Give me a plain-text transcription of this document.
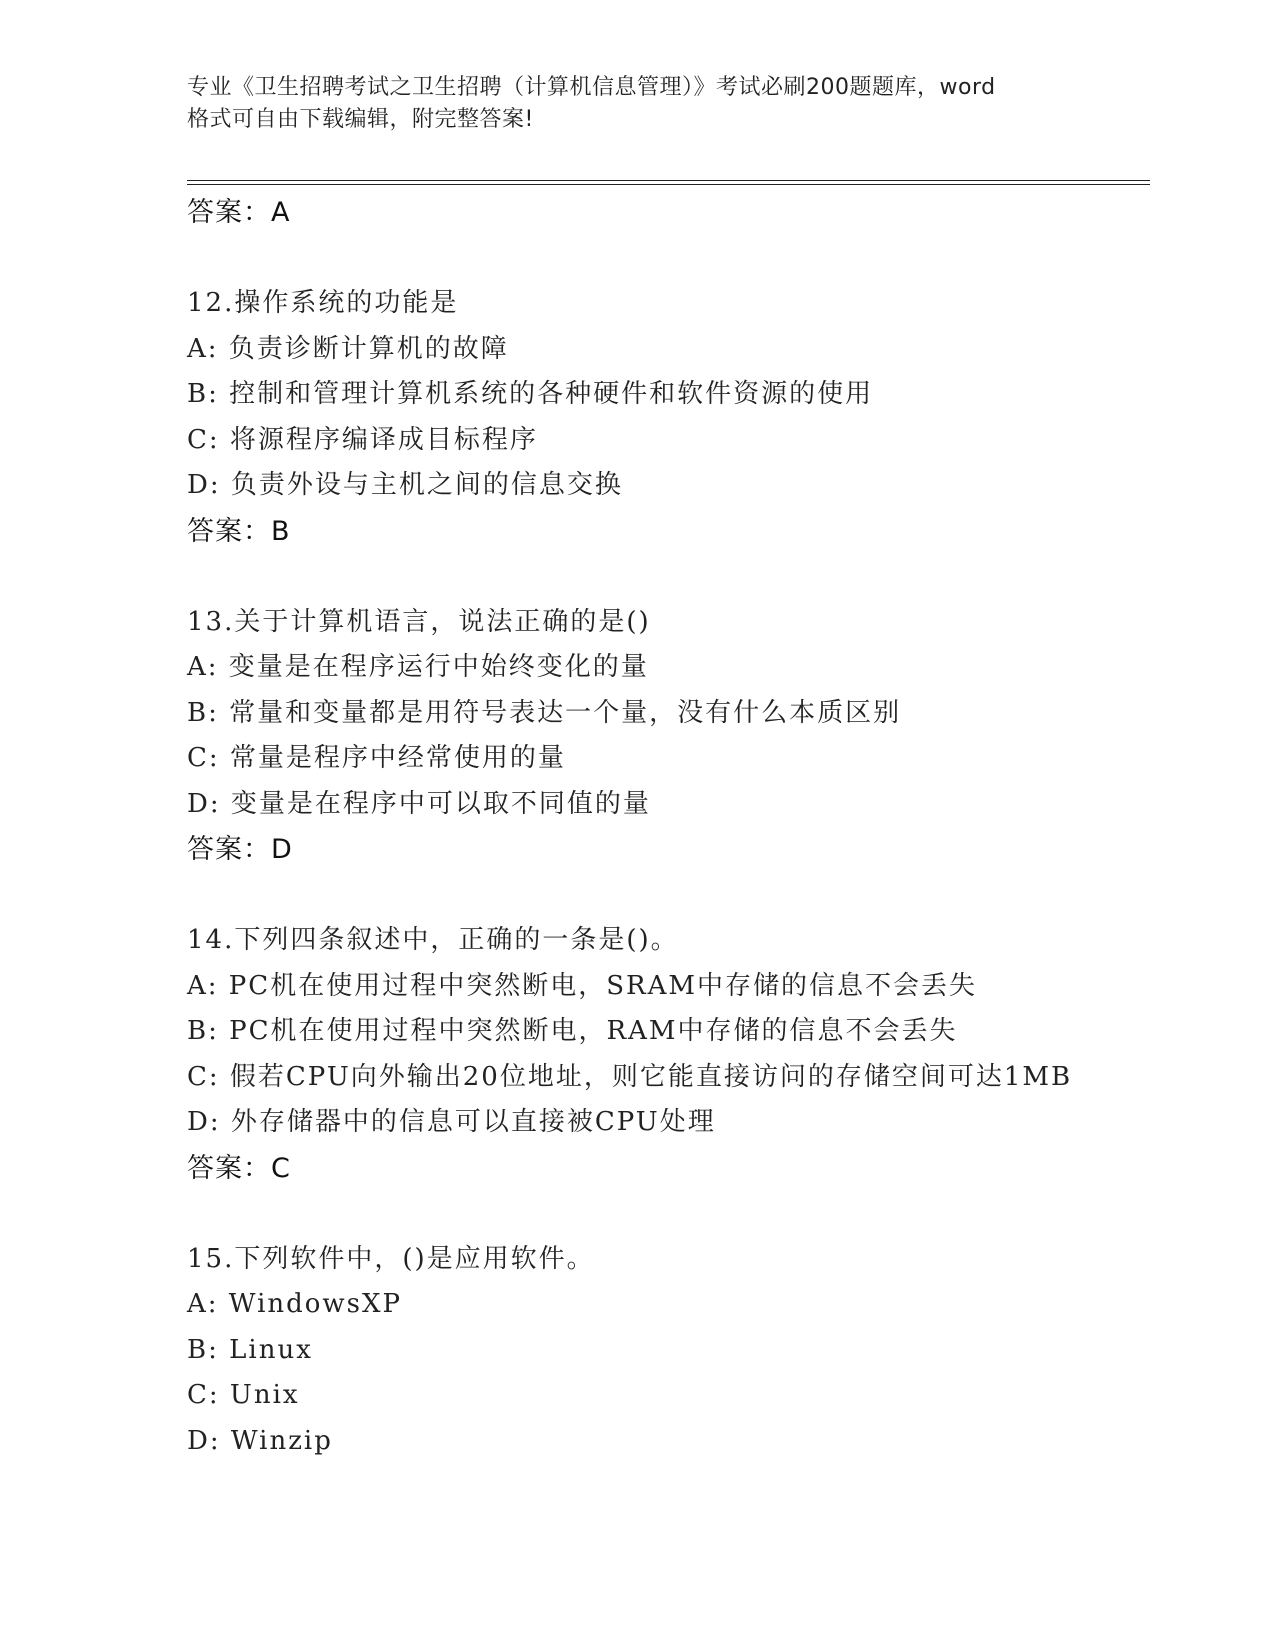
专业《卫生招聘考试之卫生招聘（计算机信息管理）》考试必刷200题题库，word
格式可自由下载编辑，附完整答案!
答案：A
12.操作系统的功能是
A: 负责诊断计算机的故障
B: 控制和管理计算机系统的各种硬件和软件资源的使用
C: 将源程序编译成目标程序
D: 负责外设与主机之间的信息交换
答案：B
13.关于计算机语言，说法正确的是()
A: 变量是在程序运行中始终变化的量
B: 常量和变量都是用符号表达一个量，没有什么本质区别
C: 常量是程序中经常使用的量
D: 变量是在程序中可以取不同值的量
答案：D
14.下列四条叙述中，正确的一条是()。
A: PC机在使用过程中突然断电，SRAM中存储的信息不会丢失
B: PC机在使用过程中突然断电，RAM中存储的信息不会丢失
C: 假若CPU向外输出20位地址，则它能直接访问的存储空间可达1MB
D: 外存储器中的信息可以直接被CPU处理
答案：C
15.下列软件中，()是应用软件。
A: WindowsXP
B: Linux
C: Unix
D: Winzip
